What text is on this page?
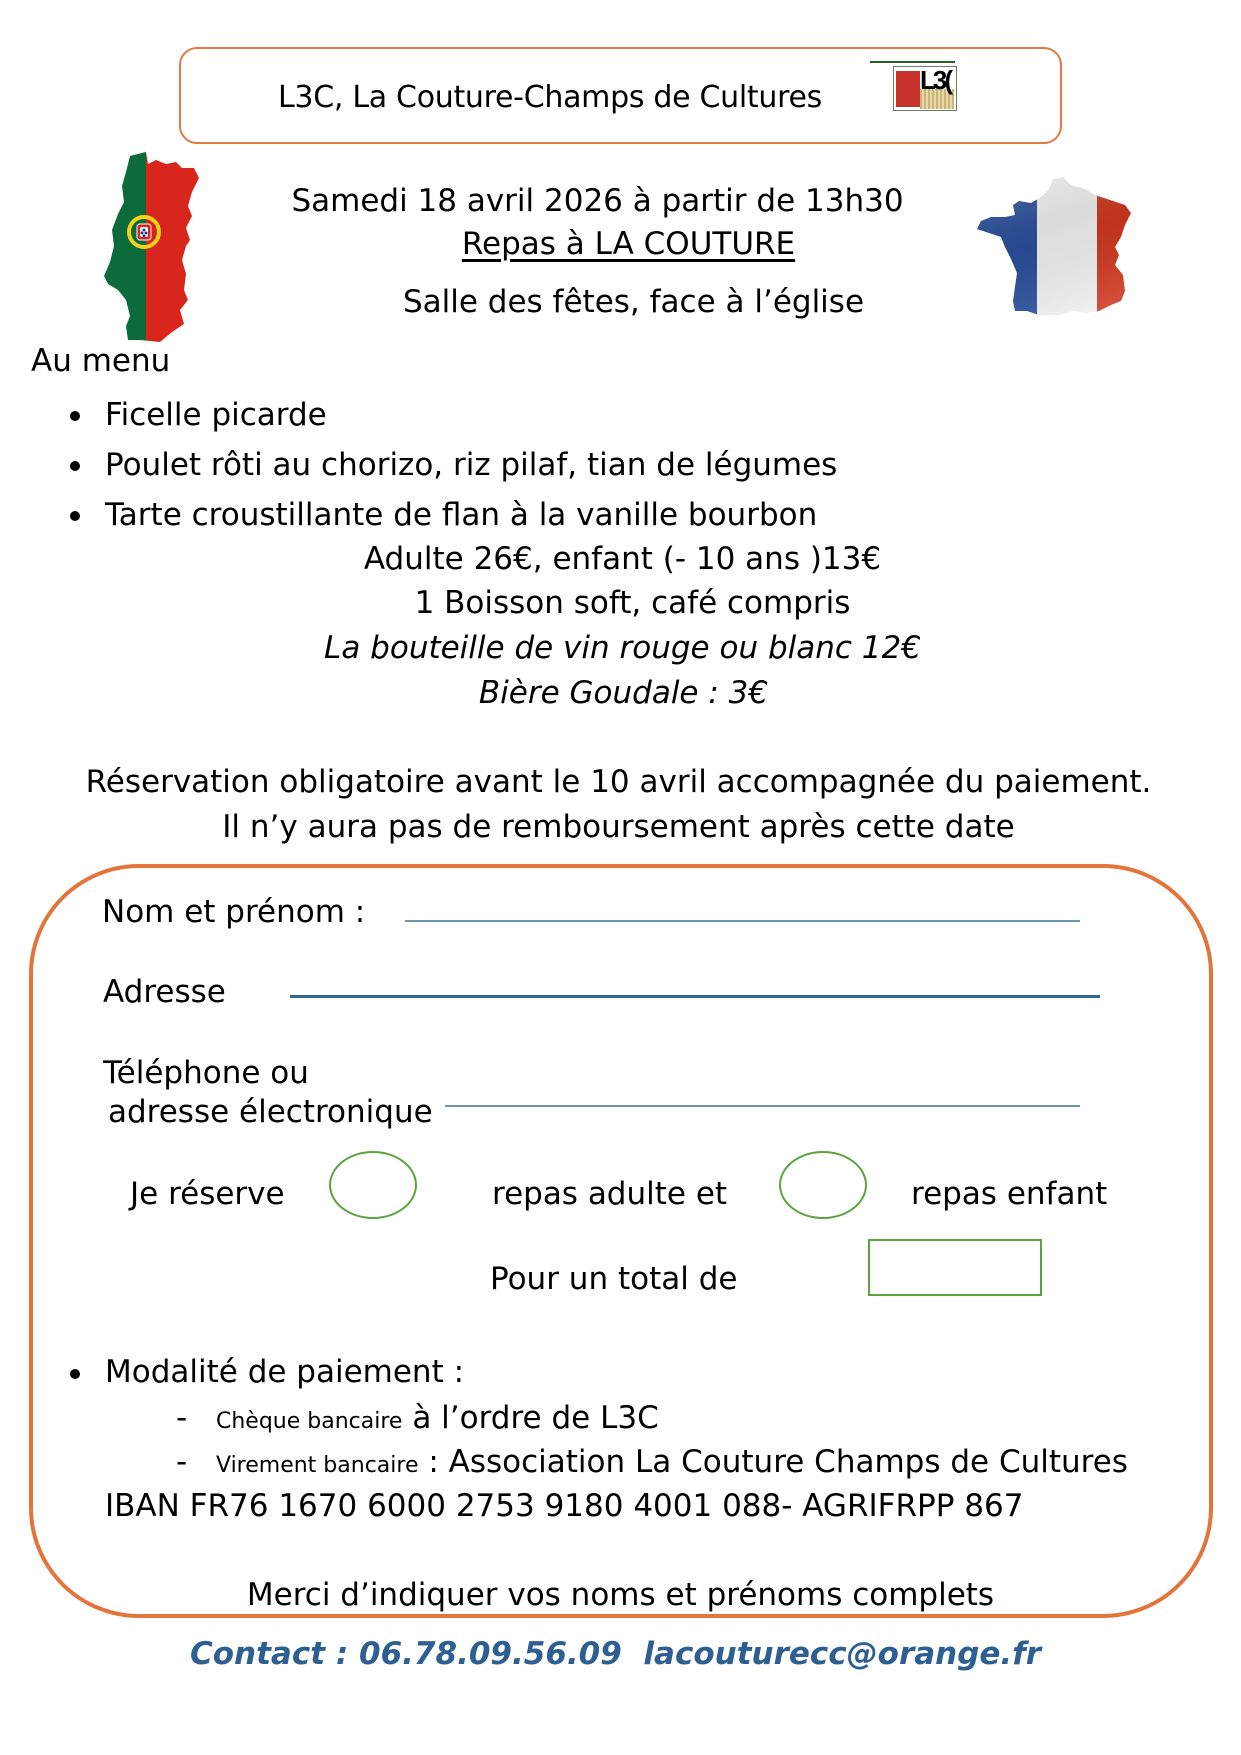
L3C, La Couture-Champs de Cultures	L3(
Samedi 18 avril 2026 à partir de 13h30
Repas à LA COUTURE
Salle des fêtes, face à l’église
Au menu
Ficelle picarde
Poulet rôti au chorizo, riz pilaf, tian de légumes
Tarte croustillante de flan à la vanille bourbon
Adulte 26€, enfant (- 10 ans )13€
1 Boisson soft, café compris
La bouteille de vin rouge ou blanc 12€
Bière Goudale : 3€
Réservation obligatoire avant le 10 avril accompagnée du paiement.
Il n’y aura pas de remboursement après cette date
Nom et prénom :
Adresse
Téléphone ou
adresse électronique
Je réserve	repas adulte et	repas enfant
Pour un total de
Modalité de paiement :
- Chèque bancaire à l’ordre de L3C
- Virement bancaire : Association La Couture Champs de Cultures
IBAN FR76 1670 6000 2753 9180 4001 088- AGRIFRPP 867
Merci d’indiquer vos noms et prénoms complets
Contact : 06.78.09.56.09  lacouturecc@orange.fr
